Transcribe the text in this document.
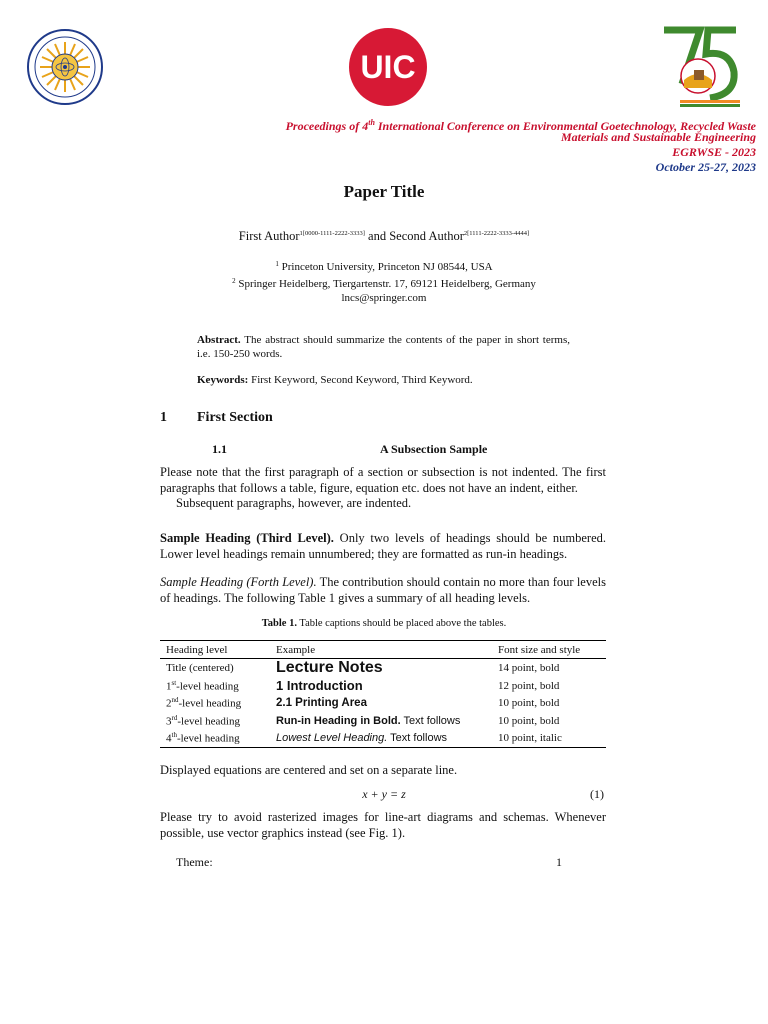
UIC
Proceedings of 4th International Conference on Environmental Goetechnology, Recycled Waste
Materials and Sustainable Engineering
EGRWSE - 2023
October 25-27, 2023
Paper Title
First Author$^{1[0000-1111-2222-3333]}$ and Second Author$^{2[1111-2222-3333-4444]}$
$^1$ Princeton University, Princeton NJ 08544, USA
$^2$ Springer Heidelberg, Tiergartenstr. 17, 69121 Heidelberg, Germany
lncs@springer.com
Abstract. The abstract should summarize the contents of the paper in short terms, i.e. 150-250 words.
Keywords: First Keyword, Second Keyword, Third Keyword.
1 First Section
1.1	A Subsection Sample
Please note that the first paragraph of a section or subsection is not indented. The first paragraphs that follows a table, figure, equation etc. does not have an indent, either.
Subsequent paragraphs, however, are indented.
Sample Heading (Third Level). Only two levels of headings should be numbered. Lower level headings remain unnumbered; they are formatted as run-in headings.
Sample Heading (Forth Level). The contribution should contain no more than four levels of headings. The following Table 1 gives a summary of all heading levels.
Table 1. Table captions should be placed above the tables.
Heading level	Example	Font size and style
Title (centered)	Lecture Notes	14 point, bold
1st-level heading	1 Introduction	12 point, bold
2nd-level heading	2.1 Printing Area	10 point, bold
3rd-level heading	Run-in Heading in Bold. Text follows	10 point, bold
4th-level heading	Lowest Level Heading. Text follows	10 point, italic
Displayed equations are centered and set on a separate line.
x + y = z	(1)
Please try to avoid rasterized images for line-art diagrams and schemas. Whenever possible, use vector graphics instead (see Fig. 1).
Theme:	1
